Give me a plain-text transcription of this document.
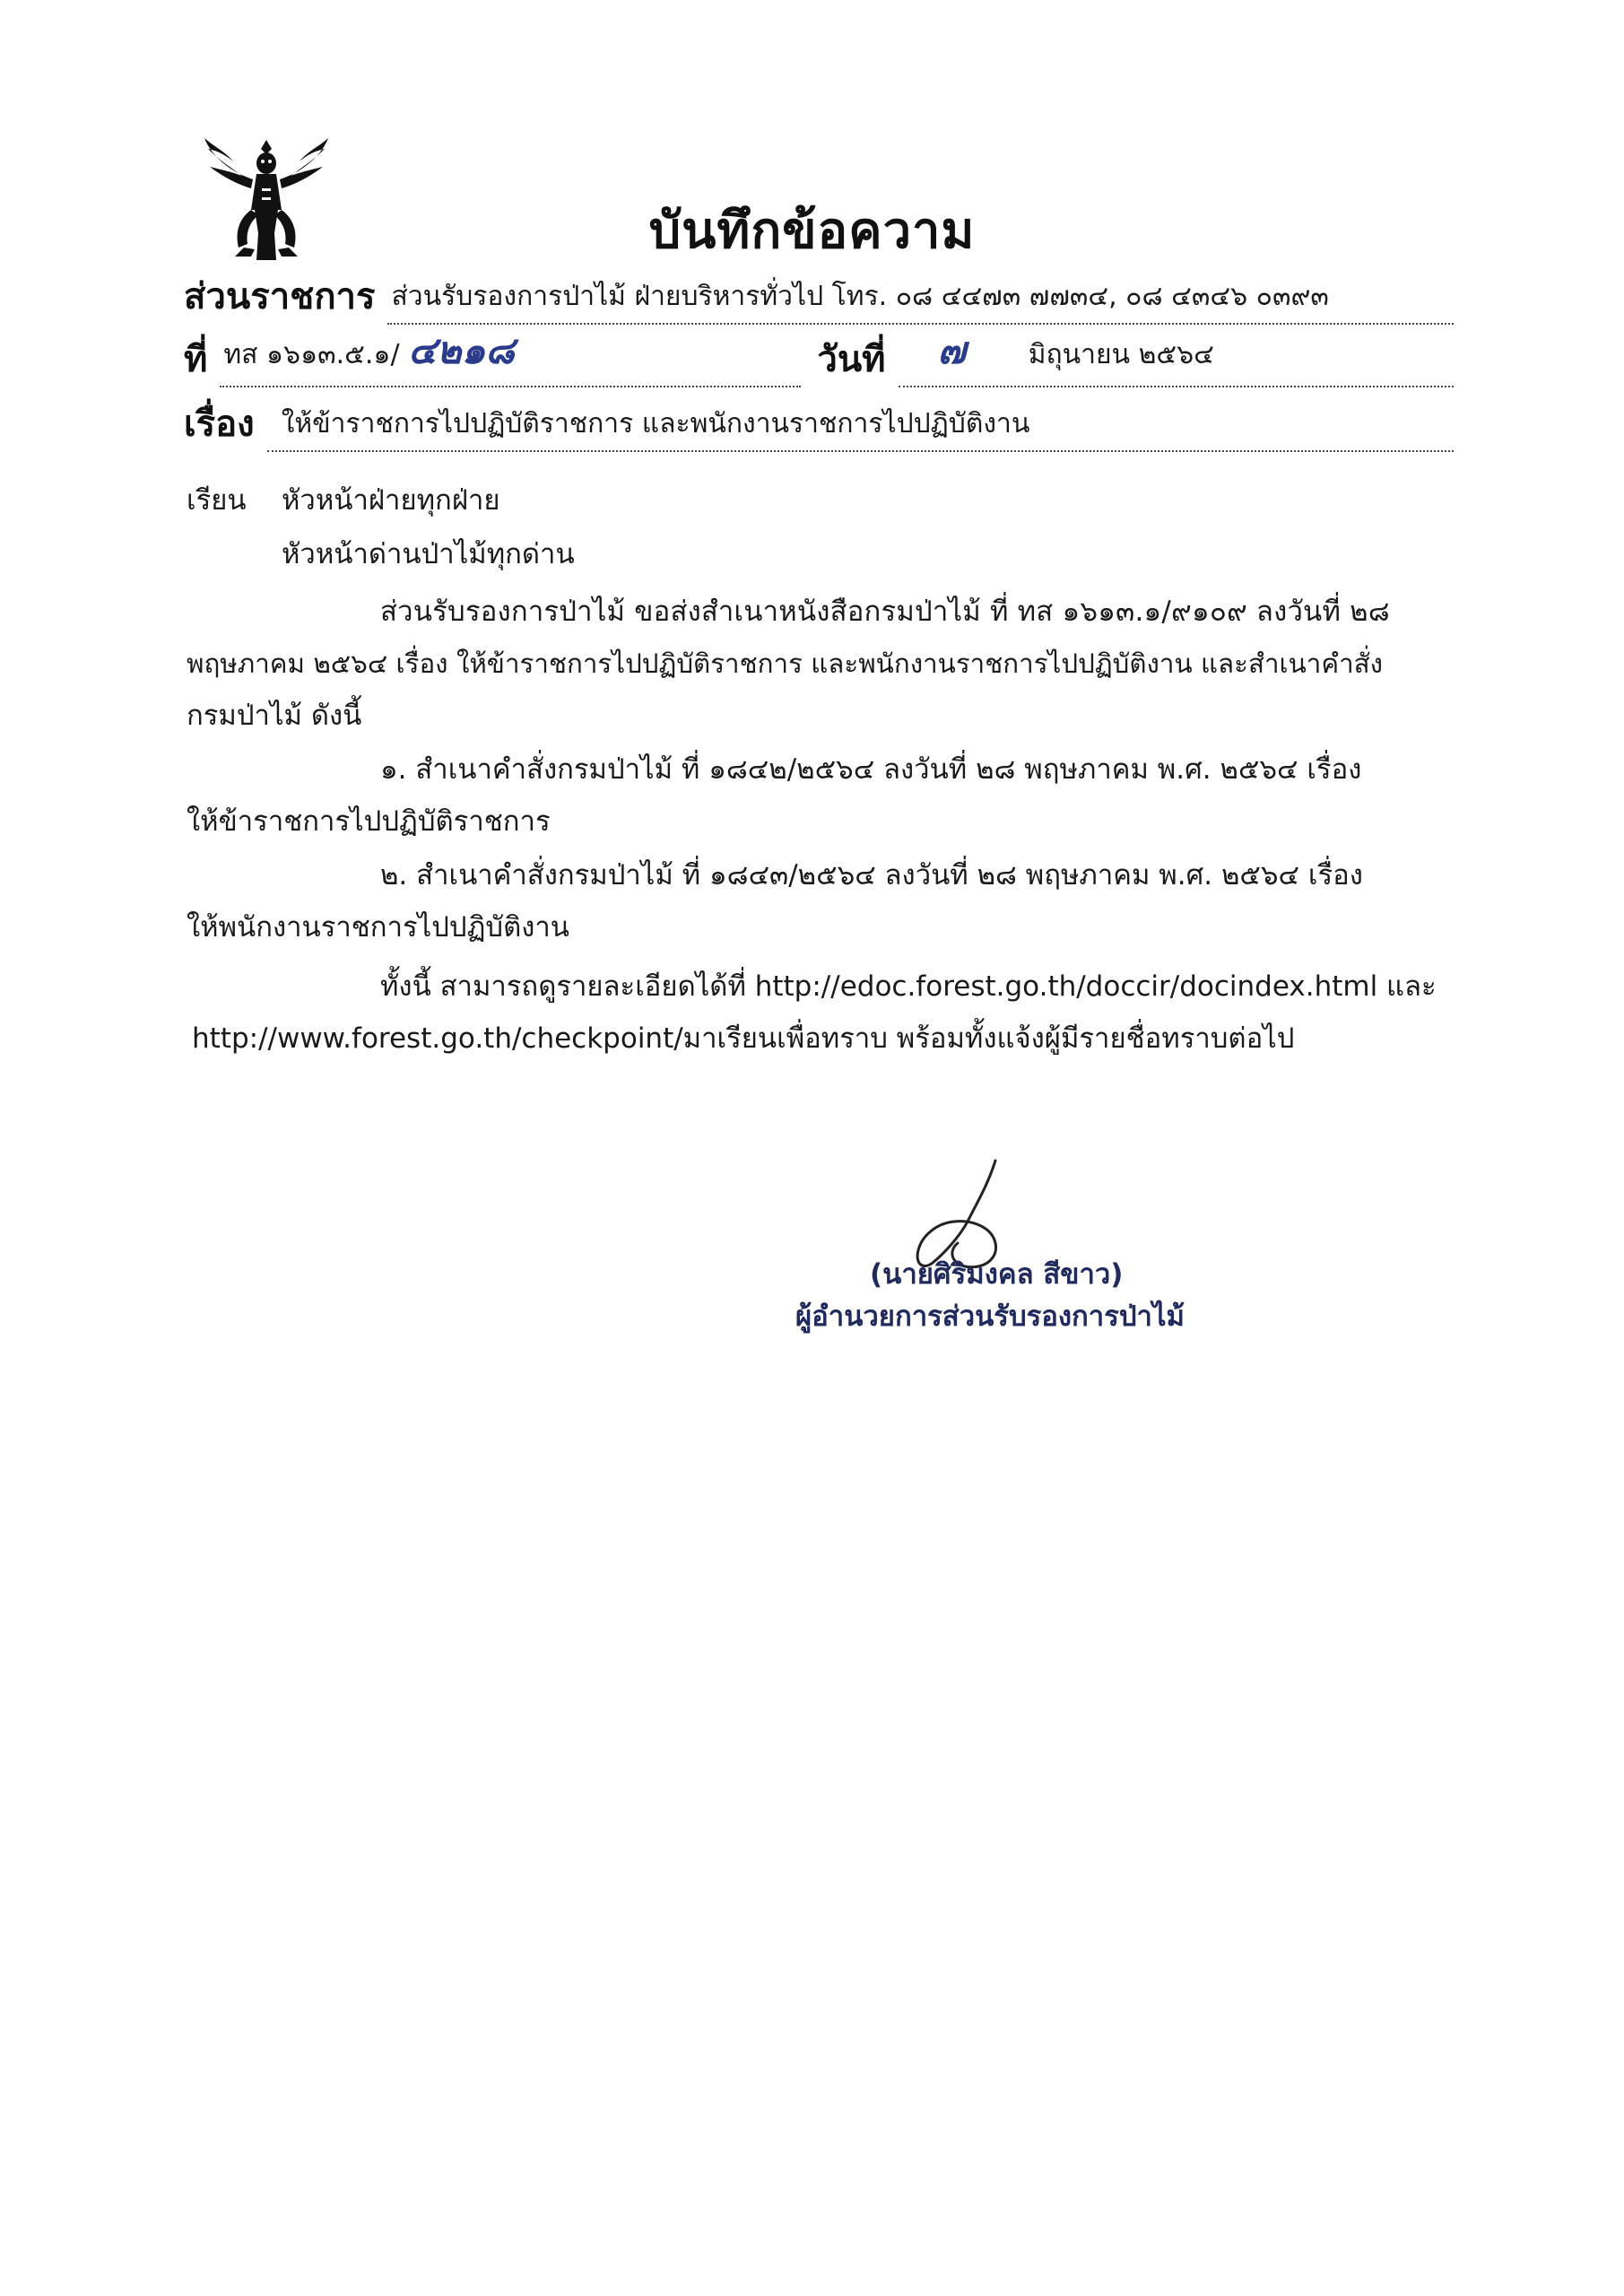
บันทึกข้อความ
ส่วนราชการ ส่วนรับรองการป่าไม้ ฝ่ายบริหารทั่วไป โทร. ๐๘ ๔๔๗๓ ๗๗๓๔, ๐๘ ๔๓๔๖ ๐๓๙๓
ที่ ทส ๑๖๑๓.๕.๑/ ๔๒๑๘	วันที่	๗ มิถุนายน ๒๕๖๔
เรื่อง	ให้ข้าราชการไปปฏิบัติราชการ และพนักงานราชการไปปฏิบัติงาน
เรียน หัวหน้าฝ่ายทุกฝ่าย
หัวหน้าด่านป่าไม้ทุกด่าน
ส่วนรับรองการป่าไม้ ขอส่งสำเนาหนังสือกรมป่าไม้ ที่ ทส ๑๖๑๓.๑/๙๑๐๙ ลงวันที่ ๒๘
พฤษภาคม ๒๕๖๔ เรื่อง ให้ข้าราชการไปปฏิบัติราชการ และพนักงานราชการไปปฏิบัติงาน และสำเนาคำสั่ง
กรมป่าไม้ ดังนี้
๑. สำเนาคำสั่งกรมป่าไม้ ที่ ๑๘๔๒/๒๕๖๔ ลงวันที่ ๒๘ พฤษภาคม พ.ศ. ๒๕๖๔ เรื่อง
ให้ข้าราชการไปปฏิบัติราชการ
๒. สำเนาคำสั่งกรมป่าไม้ ที่ ๑๘๔๓/๒๕๖๔ ลงวันที่ ๒๘ พฤษภาคม พ.ศ. ๒๕๖๔ เรื่อง
ให้พนักงานราชการไปปฏิบัติงาน
ทั้งนี้ สามารถดูรายละเอียดได้ที่ http://edoc.forest.go.th/doccir/docindex.html และ
http://www.forest.go.th/checkpoint/มาเรียนเพื่อทราบ พร้อมทั้งแจ้งผู้มีรายชื่อทราบต่อไป
(นายศิริมงคล สีขาว)
ผู้อำนวยการส่วนรับรองการป่าไม้
